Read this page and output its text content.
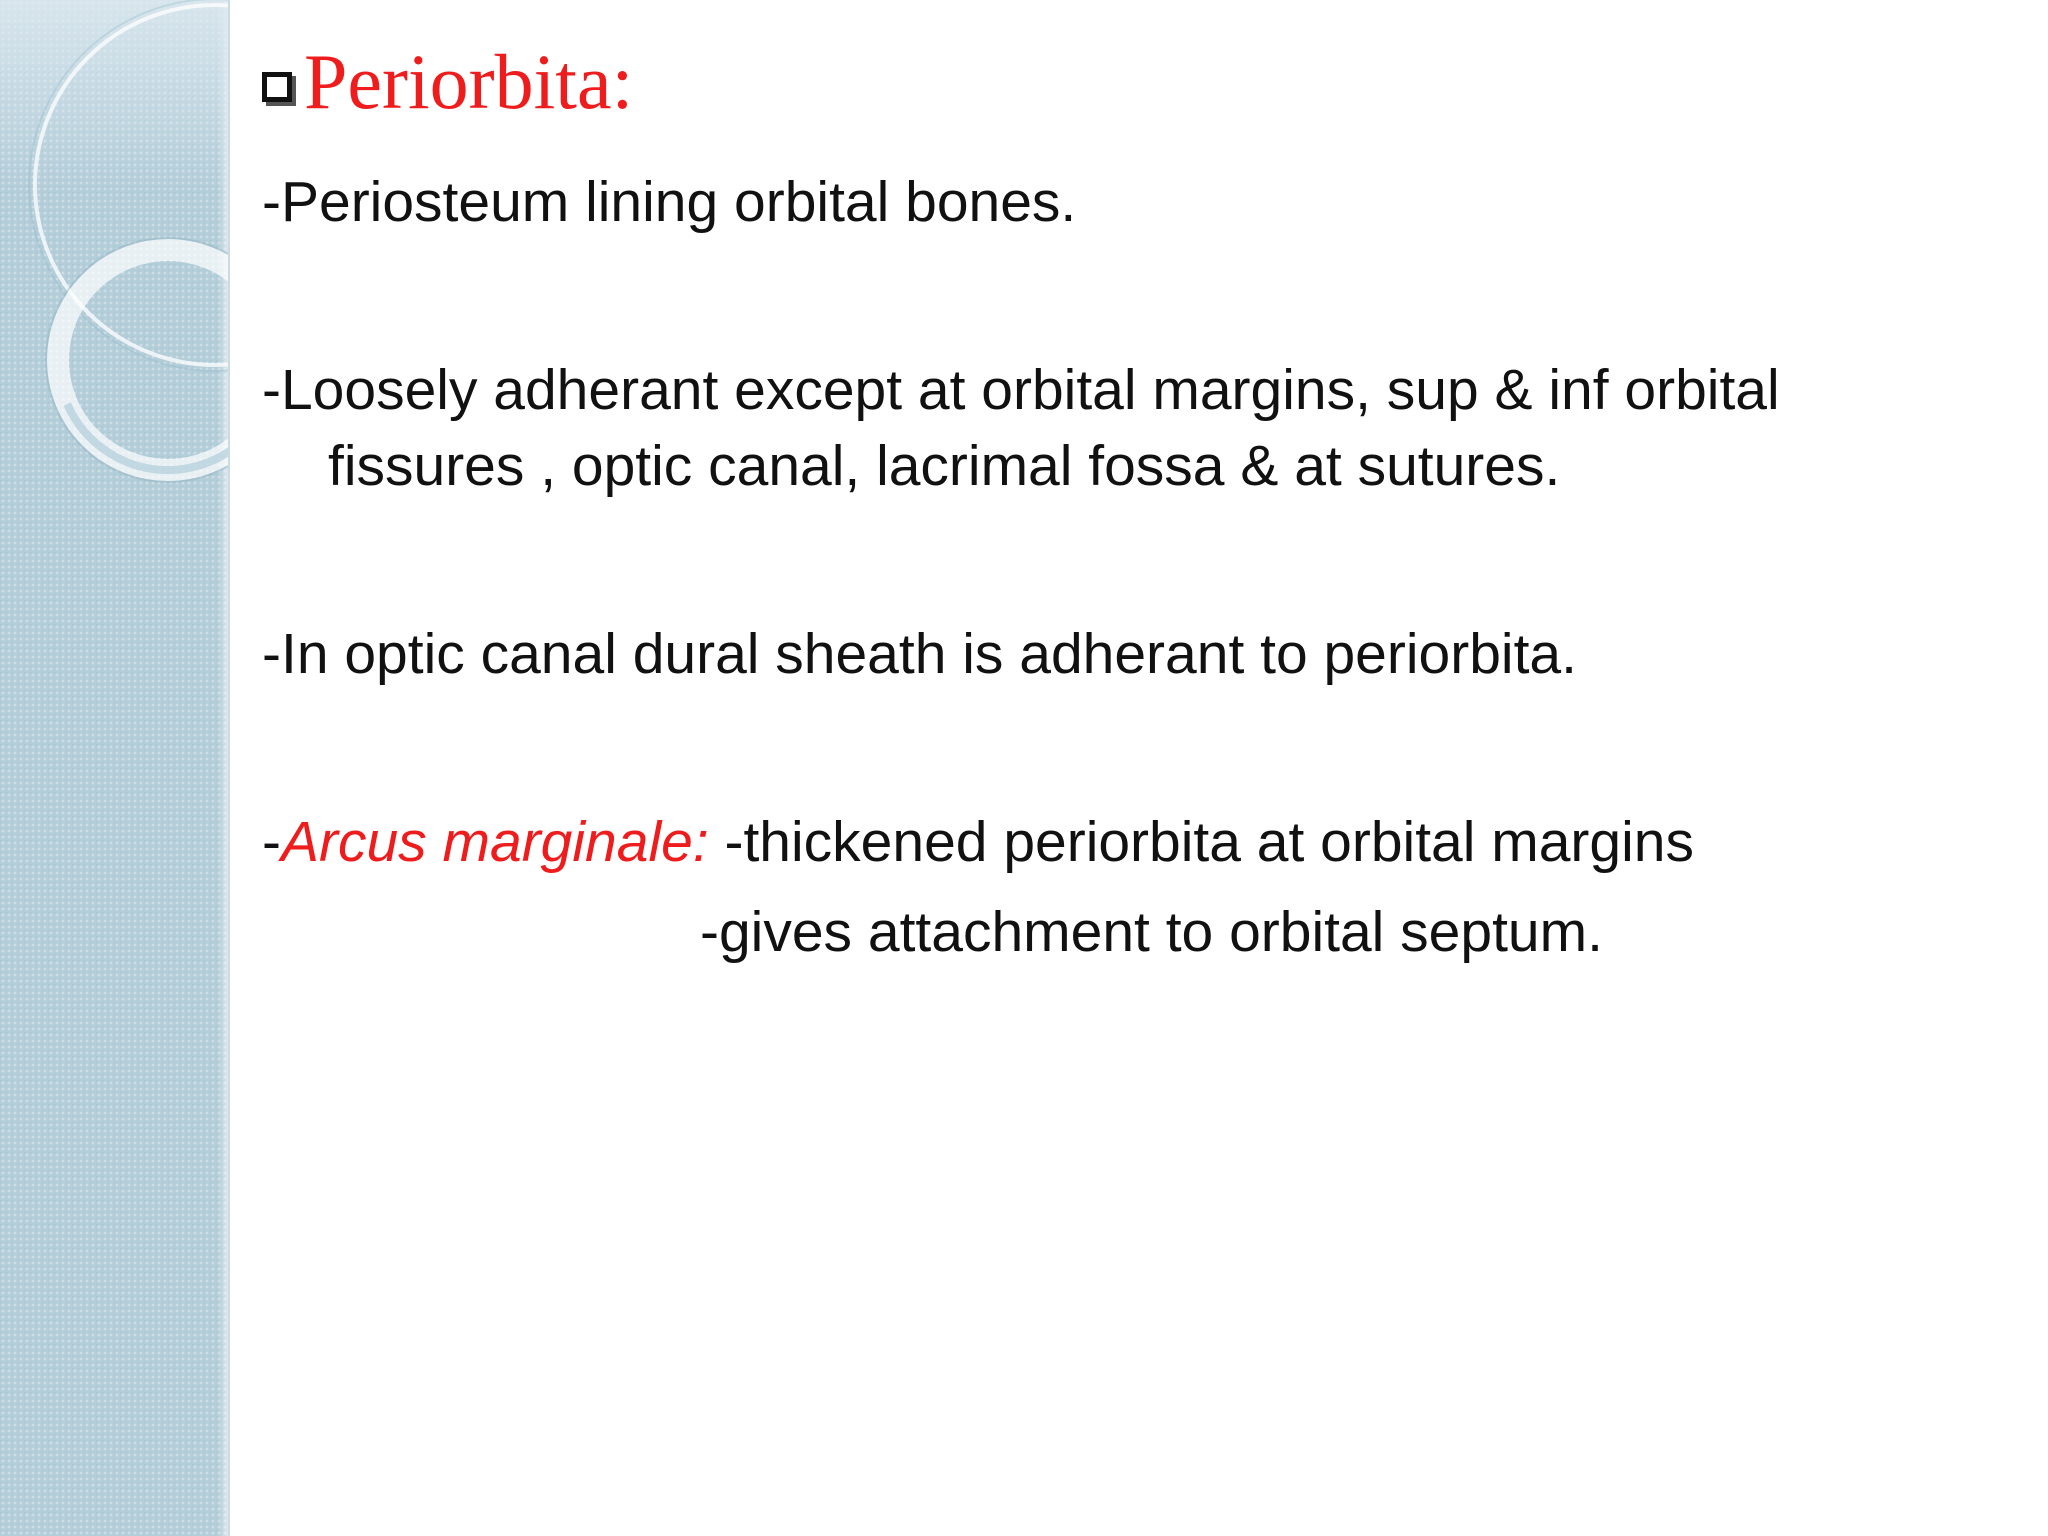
Periorbita:

-Periosteum lining orbital bones.

-Loosely adherant except at orbital margins, sup & inf orbital
fissures , optic canal, lacrimal fossa & at sutures.

-In optic canal dural sheath is adherant to periorbita.

-Arcus marginale: -thickened periorbita at orbital margins

-gives attachment to orbital septum.
